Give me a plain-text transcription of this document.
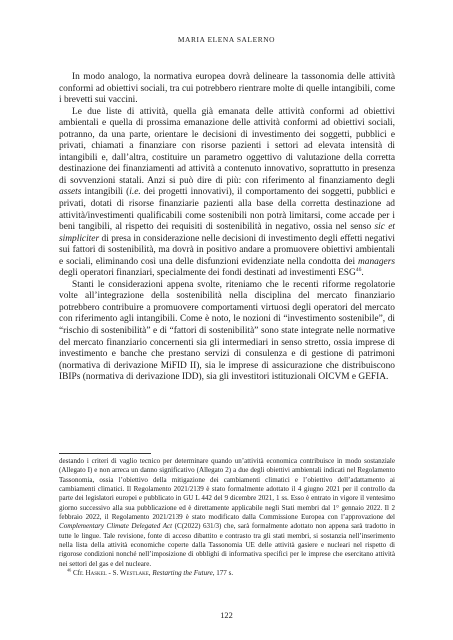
MARIA ELENA SALERNO

In modo analogo, la normativa europea dovrà delineare la tassonomia delle attività conformi ad obiettivi sociali, tra cui potrebbero rientrare molte di quelle intangibili, come i brevetti sui vaccini.

Le due liste di attività, quella già emanata delle attività conformi ad obiettivi ambientali e quella di prossima emanazione delle attività conformi ad obiettivi sociali, potranno, da una parte, orientare le decisioni di investimento dei soggetti, pubblici e privati, chiamati a finanziare con risorse pazienti i settori ad elevata intensità di intangibili e, dall’altra, costituire un parametro oggettivo di valutazione della corretta destinazione dei finanziamenti ad attività a contenuto innovativo, soprattutto in presenza di sovvenzioni statali. Anzi si può dire di più: con riferimento al finanziamento degli assets intangibili (i.e. dei progetti innovativi), il comportamento dei soggetti, pubblici e privati, dotati di risorse finanziarie pazienti alla base della corretta destinazione ad attività/investimenti qualificabili come sostenibili non potrà limitarsi, come accade per i beni tangibili, al rispetto dei requisiti di sostenibilità in negativo, ossia nel senso sic et simpliciter di presa in considerazione nelle decisioni di investimento degli effetti negativi sui fattori di sostenibilità, ma dovrà in positivo andare a promuovere obiettivi ambientali e sociali, eliminando così una delle disfunzioni evidenziate nella condotta dei managers degli operatori finanziari, specialmente dei fondi destinati ad investimenti ESG$^{46}$.

Stanti le considerazioni appena svolte, riteniamo che le recenti riforme regolatorie volte all’integrazione della sostenibilità nella disciplina del mercato finanziario potrebbero contribuire a promuovere comportamenti virtuosi degli operatori del mercato con riferimento agli intangibili. Come è noto, le nozioni di “investimento sostenibile”, di “rischio di sostenibilità” e di “fattori di sostenibilità” sono state integrate nelle normative del mercato finanziario concernenti sia gli intermediari in senso stretto, ossia imprese di investimento e banche che prestano servizi di consulenza e di gestione di patrimoni (normativa di derivazione MiFID II), sia le imprese di assicurazione che distribuiscono IBIPs (normativa di derivazione IDD), sia gli investitori istituzionali OICVM e GEFIA.

destando i criteri di vaglio tecnico per determinare quando un’attività economica contribuisce in modo sostanziale (Allegato I) e non arreca un danno significativo (Allegato 2) a due degli obiettivi ambientali indicati nel Regolamento Tassonomia, ossia l’obiettivo della mitigazione dei cambiamenti climatici e l’obiettivo dell’adattamento ai cambiamenti climatici. Il Regolamento 2021/2139 è stato formalmente adottato il 4 giugno 2021 per il controllo da parte dei legislatori europei e pubblicato in GU L 442 del 9 dicembre 2021, 1 ss. Esso è entrato in vigore il ventesimo giorno successivo alla sua pubblicazione ed è direttamente applicabile negli Stati membri dal 1° gennaio 2022. Il 2 febbraio 2022, il Regolamento 2021/2139 è stato modificato dalla Commissione Europea con l’approvazione del Complementary Climate Delegated Act (C(2022) 631/3) che, sarà formalmente adottato non appena sarà tradotto in tutte le lingue. Tale revisione, fonte di acceso dibattito e contrasto tra gli stati membri, si sostanzia nell’inserimento nella lista della attività economiche coperte dalla Tassonomia UE delle attività gasiere e nucleari nel rispetto di rigorose condizioni nonché nell’imposizione di obblighi di informativa specifici per le imprese che esercitano attività nei settori del gas e del nucleare.

$^{46}$ Cfr. Haskel - S. Westlake, Restarting the Future, 177 s.

122
